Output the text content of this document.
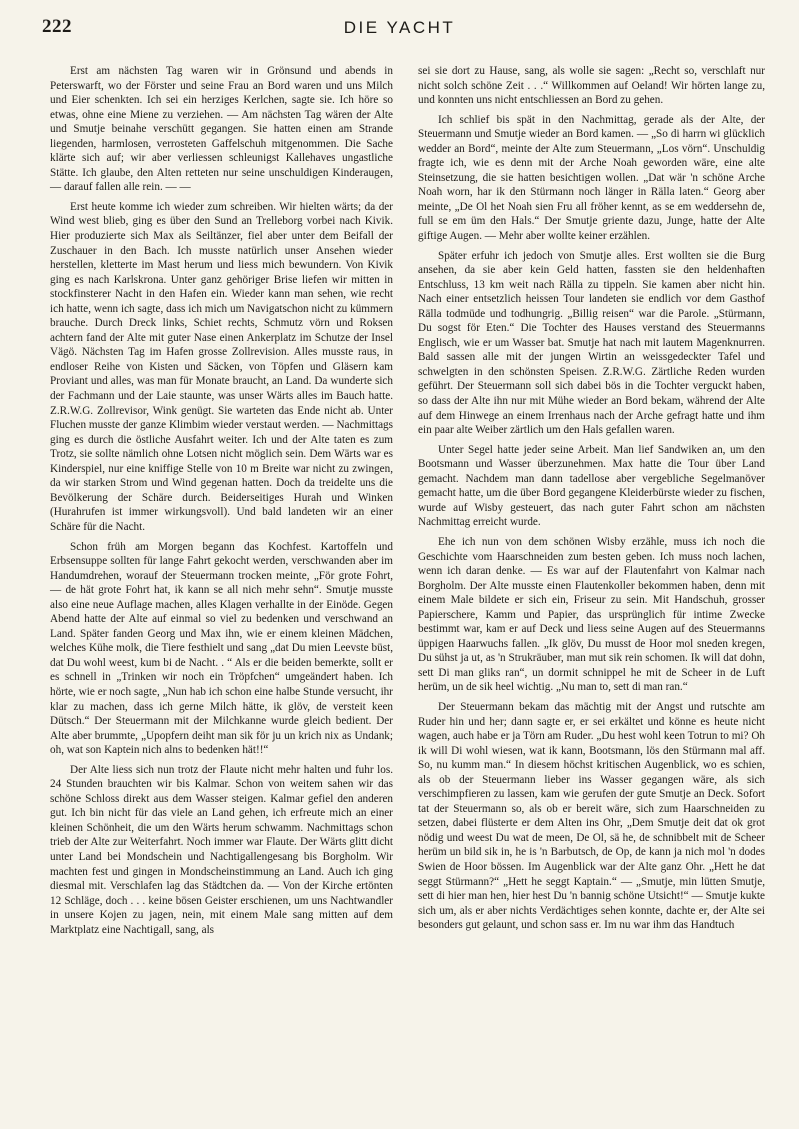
222	DIE YACHT

Erst am nächsten Tag waren wir in Grönsund und abends in Peterswarft, wo der Förster und seine Frau an Bord waren und uns Milch und Eier schenkten. Ich sei ein herziges Kerlchen, sagte sie. Ich höre so etwas, ohne eine Miene zu verziehen. — Am nächsten Tag wären der Alte und Smutje beinahe verschütt gegangen. Sie hatten einen am Strande liegenden, harmlosen, verrosteten Gaffelschuh mitgenommen. Die Sache klärte sich auf; wir aber verliessen schleunigst Kallehaves ungastliche Stätte. Ich glaube, den Alten retteten nur seine unschuldigen Kinderaugen, — darauf fallen alle rein. — —

Erst heute komme ich wieder zum schreiben. Wir hielten wärts; da der Wind west blieb, ging es über den Sund an Trelleborg vorbei nach Kivik. Hier produzierte sich Max als Seiltänzer, fiel aber unter dem Beifall der Zuschauer in den Bach. Ich musste natürlich unser Ansehen wieder herstellen, kletterte im Mast herum und liess mich bewundern. Von Kivik ging es nach Karlskrona. Unter ganz gehöriger Brise liefen wir mitten in stockfinsterer Nacht in den Hafen ein. Wieder kann man sehen, wie recht ich hatte, wenn ich sagte, dass ich mich um Navigatschon nicht zu kümmern brauche. Durch Dreck links, Schiet rechts, Schmutz vörn und Roksen achtern fand der Alte mit guter Nase einen Ankerplatz im Schutze der Insel Vägö. Nächsten Tag im Hafen grosse Zollrevision. Alles musste raus, in endloser Reihe von Kisten und Säcken, von Töpfen und Gläsern kam Proviant und alles, was man für Monate braucht, an Land. Da wunderte sich der Fachmann und der Laie staunte, was unser Wärts alles im Bauch hatte. Z.R.W.G. Zollrevisor, Wink genügt. Sie warteten das Ende nicht ab. Unter Fluchen musste der ganze Klimbim wieder verstaut werden. — Nachmittags ging es durch die östliche Ausfahrt weiter. Ich und der Alte taten es zum Trotz, sie sollte nämlich ohne Lotsen nicht möglich sein. Dem Wärts war es Kinderspiel, nur eine kniffige Stelle von 10 m Breite war nicht zu zwingen, da wir starken Strom und Wind gegenan hatten. Doch da treidelte uns die Bevölkerung der Schäre durch. Beiderseitiges Hurah und Winken (Hurahrufen ist immer wirkungsvoll). Und bald landeten wir an einer Schäre für die Nacht.

Schon früh am Morgen begann das Kochfest. Kartoffeln und Erbsensuppe sollten für lange Fahrt gekocht werden, verschwanden aber im Handumdrehen, worauf der Steuermann trocken meinte, „För grote Fohrt, — de hät grote Fohrt hat, ik kann se all nich mehr sehn“. Smutje musste also eine neue Auflage machen, alles Klagen verhallte in der Einöde. Gegen Abend hatte der Alte auf einmal so viel zu bedenken und verschwand an Land. Später fanden Georg und Max ihn, wie er einem kleinen Mädchen, welches Kühe molk, die Tiere festhielt und sang „dat Du mien Leevste büst, dat Du wohl weest, kum bi de Nacht. . “ Als er die beiden bemerkte, sollt er es schnell in „Trinken wir noch ein Tröpfchen“ umgeändert haben. Ich hörte, wie er noch sagte, „Nun hab ich schon eine halbe Stunde versucht, ihr klar zu machen, dass ich gerne Milch hätte, ik glöv, de versteit keen Dütsch.“ Der Steuermann mit der Milchkanne wurde gleich bedient. Der Alte aber brummte, „Upopfern deiht man sik för ju un krich nix as Undank; oh, wat son Kaptein nich alns to bedenken hät!!“

Der Alte liess sich nun trotz der Flaute nicht mehr halten und fuhr los. 24 Stunden brauchten wir bis Kalmar. Schon von weitem sahen wir das schöne Schloss direkt aus dem Wasser steigen. Kalmar gefiel den anderen gut. Ich bin nicht für das viele an Land gehen, ich erfreute mich an einer kleinen Schönheit, die um den Wärts herum schwamm. Nachmittags schon trieb der Alte zur Weiterfahrt. Noch immer war Flaute. Der Wärts glitt dicht unter Land bei Mondschein und Nachtigallengesang bis Borgholm. Wir machten fest und gingen in Mondscheinstimmung an Land. Auch ich ging diesmal mit. Verschlafen lag das Städtchen da. — Von der Kirche ertönten 12 Schläge, doch . . . keine bösen Geister erschienen, um uns Nachtwandler in unsere Kojen zu jagen, nein, mit einem Male sang mitten auf dem Marktplatz eine Nachtigall, sang, als

sei sie dort zu Hause, sang, als wolle sie sagen: „Recht so, verschlaft nur nicht solch schöne Zeit . . .“ Willkommen auf Oeland! Wir hörten lange zu, und konnten uns nicht entschliessen an Bord zu gehen.

Ich schlief bis spät in den Nachmittag, gerade als der Alte, der Steuermann und Smutje wieder an Bord kamen. — „So di harrn wi glücklich wedder an Bord“, meinte der Alte zum Steuermann, „Los vörn“. Unschuldig fragte ich, wie es denn mit der Arche Noah geworden wäre, eine alte Steinsetzung, die sie hatten besichtigen wollen. „Dat wär 'n schöne Arche Noah worn, har ik den Stürmann noch länger in Rälla laten.“ Georg aber meinte, „De Ol het Noah sien Fru all fröher kennt, as se em weddersehn de, full se em üm den Hals.“ Der Smutje griente dazu, Junge, hatte der Alte giftige Augen. — Mehr aber wollte keiner erzählen.

Später erfuhr ich jedoch von Smutje alles. Erst wollten sie die Burg ansehen, da sie aber kein Geld hatten, fassten sie den heldenhaften Entschluss, 13 km weit nach Rälla zu tippeln. Sie kamen aber nicht hin. Nach einer entsetzlich heissen Tour landeten sie endlich vor dem Gasthof Rälla todmüde und todhungrig. „Billig reisen“ war die Parole. „Stürmann, Du sogst för Eten.“ Die Tochter des Hauses verstand des Steuermanns Englisch, wie er um Wasser bat. Smutje hat nach mit lautem Magenknurren. Bald sassen alle mit der jungen Wirtin an weissgedeckter Tafel und schwelgten in den schönsten Speisen. Z.R.W.G. Zärtliche Reden wurden geführt. Der Steuermann soll sich dabei bös in die Tochter verguckt haben, so dass der Alte ihn nur mit Mühe wieder an Bord bekam, während der Alte auf dem Hinwege an einem Irrenhaus nach der Arche gefragt hatte und ihm ein paar alte Weiber zärtlich um den Hals gefallen waren.

Unter Segel hatte jeder seine Arbeit. Man lief Sandwiken an, um den Bootsmann und Wasser überzunehmen. Max hatte die Tour über Land gemacht. Nachdem man dann tadellose aber vergebliche Segelmanöver gemacht hatte, um die über Bord gegangene Kleiderbürste wieder zu fischen, wurde auf Wisby gesteuert, das nach guter Fahrt schon am nächsten Nachmittag erreicht wurde.

Ehe ich nun von dem schönen Wisby erzähle, muss ich noch die Geschichte vom Haarschneiden zum besten geben. Ich muss noch lachen, wenn ich daran denke. — Es war auf der Flautenfahrt von Kalmar nach Borgholm. Der Alte musste einen Flautenkoller bekommen haben, denn mit einem Male bildete er sich ein, Friseur zu sein. Mit Handschuh, grosser Papierschere, Kamm und Papier, das ursprünglich für intime Zwecke bestimmt war, kam er auf Deck und liess seine Augen auf des Steuermanns üppigen Haarwuchs fallen. „Ik glöv, Du musst de Hoor mol sneden kregen, Du sühst ja ut, as 'n Strukräuber, man mut sik rein schomen. Ik will dat dohn, sett Di man gliks ran“, un dormit schnippel he mit de Scheer in de Luft herüm, un de sik heel wichtig. „Nu man to, sett di man ran.“

Der Steuermann bekam das mächtig mit der Angst und rutschte am Ruder hin und her; dann sagte er, er sei erkältet und könne es heute nicht wagen, auch habe er ja Törn am Ruder. „Du hest wohl keen Totrun to mi? Oh ik will Di wohl wiesen, wat ik kann, Bootsmann, lös den Stürmann mal aff. So, nu kumm man.“ In diesem höchst kritischen Augenblick, wo es schien, als ob der Steuermann lieber ins Wasser gegangen wäre, als sich verschimpfieren zu lassen, kam wie gerufen der gute Smutje an Deck. Sofort tat der Steuermann so, als ob er bereit wäre, sich zum Haarschneiden zu setzen, dabei flüsterte er dem Alten ins Ohr, „Dem Smutje deit dat ok grot nödig und weest Du wat de meen, De Ol, sä he, de schnibbelt mit de Scheer herüm un bild sik in, he is 'n Barbutsch, de Op, de kann ja nich mol 'n dodes Swien de Hoor bössen. Im Augenblick war der Alte ganz Ohr. „Hett he dat seggt Stürmann?“ „Hett he seggt Kaptain.“ — „Smutje, min lütten Smutje, sett di hier man hen, hier hest Du 'n bannig schöne Utsicht!“ — Smutje kukte sich um, als er aber nichts Verdächtiges sehen konnte, dachte er, der Alte sei besonders gut gelaunt, und schon sass er. Im nu war ihm das Handtuch
